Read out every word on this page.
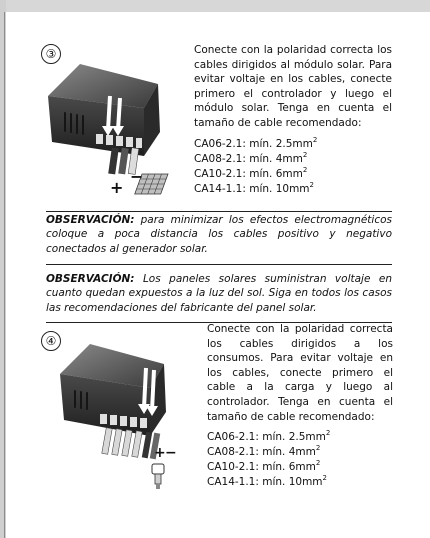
③
+
−
Conecte con la polaridad correcta los cables dirigidos al módulo solar. Para evitar voltaje en los cables, conecte primero el controlador y luego el módulo solar. Tenga en cuenta el tamaño de cable recomendado:
CA06-2.1: mín. $2.5mm^2$
CA08-2.1: mín. $4mm^2$
CA10-2.1: mín. $6mm^2$
CA14-1.1: mín. $10mm^2$
OBSERVACIÓN: para minimizar los efectos electromagnéticos coloque a poca distancia los cables positivo y negativo conectados al generador solar.
OBSERVACIÓN: Los paneles solares suministran voltaje en cuanto quedan expuestos a la luz del sol. Siga en todos los casos las recomendaciones del fabricante del panel solar.
④
+ −
Conecte con la polaridad correcta los cables dirigidos a los consumos. Para evitar voltaje en los cables, conecte primero el cable a la carga y luego al controlador. Tenga en cuenta el tamaño de cable recomendado:
CA06-2.1: mín. $2.5mm^2$
CA08-2.1: mín. $4mm^2$
CA10-2.1: mín. $6mm^2$
CA14-1.1: mín. $10mm^2$
